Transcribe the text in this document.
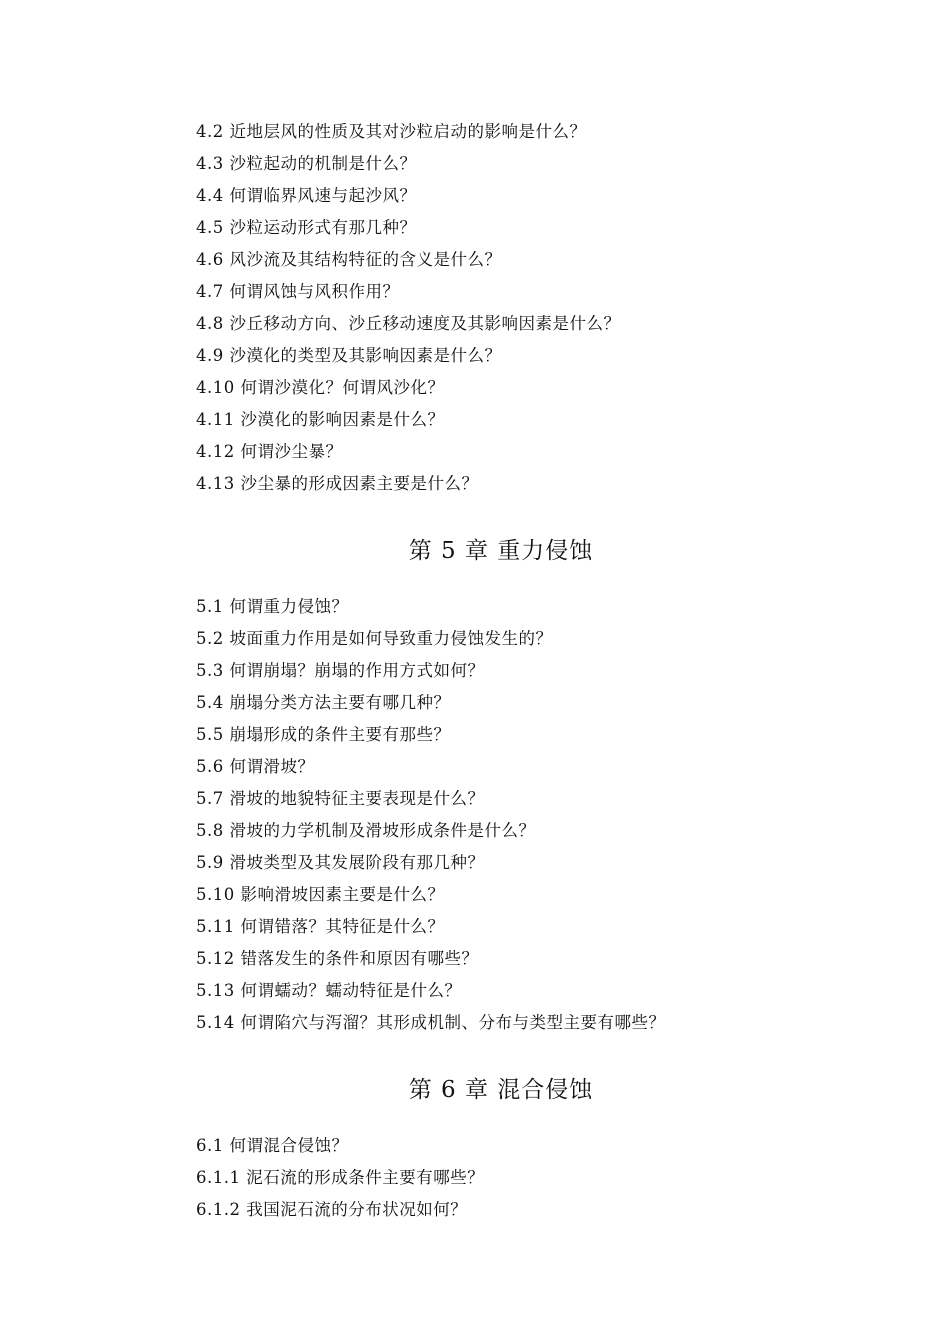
4.2 近地层风的性质及其对沙粒启动的影响是什么？
4.3 沙粒起动的机制是什么？
4.4 何谓临界风速与起沙风？
4.5 沙粒运动形式有那几种？
4.6 风沙流及其结构特征的含义是什么？
4.7 何谓风蚀与风积作用？
4.8 沙丘移动方向、沙丘移动速度及其影响因素是什么？
4.9 沙漠化的类型及其影响因素是什么？
4.10 何谓沙漠化？何谓风沙化？
4.11 沙漠化的影响因素是什么？
4.12 何谓沙尘暴？
4.13 沙尘暴的形成因素主要是什么？
第 5 章 重力侵蚀
5.1 何谓重力侵蚀？
5.2 坡面重力作用是如何导致重力侵蚀发生的？
5.3 何谓崩塌？崩塌的作用方式如何？
5.4 崩塌分类方法主要有哪几种？
5.5 崩塌形成的条件主要有那些？
5.6 何谓滑坡？
5.7 滑坡的地貌特征主要表现是什么？
5.8 滑坡的力学机制及滑坡形成条件是什么？
5.9 滑坡类型及其发展阶段有那几种？
5.10 影响滑坡因素主要是什么？
5.11 何谓错落？其特征是什么？
5.12 错落发生的条件和原因有哪些？
5.13 何谓蠕动？蠕动特征是什么？
5.14 何谓陷穴与泻溜？其形成机制、分布与类型主要有哪些？
第 6 章 混合侵蚀
6.1 何谓混合侵蚀？
6.1.1 泥石流的形成条件主要有哪些？
6.1.2 我国泥石流的分布状况如何？
